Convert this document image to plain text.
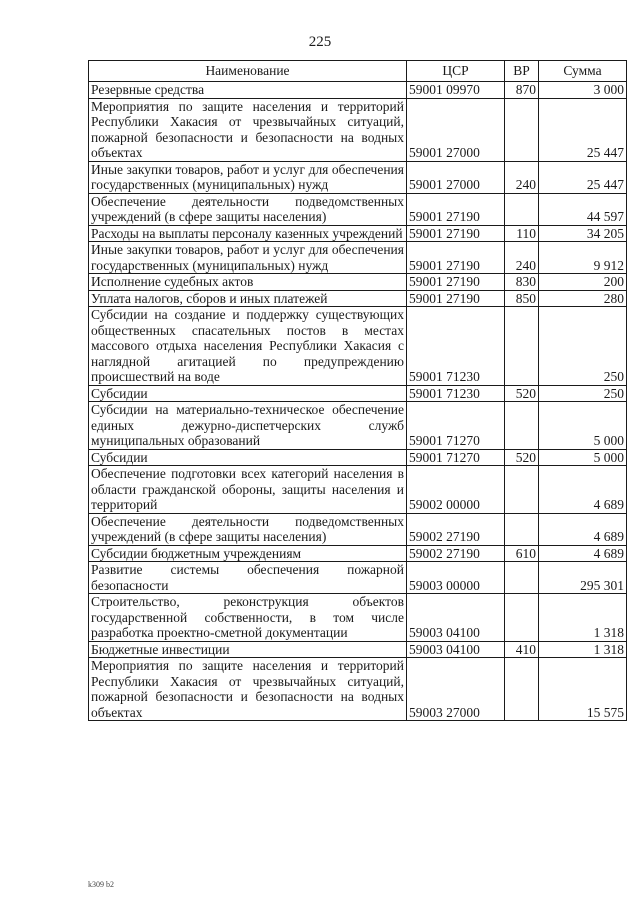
225
Наименование	ЦСР	ВР	Сумма
Резервные средства	59001 09970	870	3 000
Мероприятия по защите населения и территорий Республики Хакасия от чрезвычайных ситуаций, пожарной безопасности и безопасности на водных объектах	59001 27000		25 447
Иные закупки товаров, работ и услуг для обеспечения государственных (муниципальных) нужд	59001 27000	240	25 447
Обеспечение деятельности подведомственных учреждений (в сфере защиты населения)	59001 27190		44 597
Расходы на выплаты персоналу казенных учреждений	59001 27190	110	34 205
Иные закупки товаров, работ и услуг для обеспечения государственных (муниципальных) нужд	59001 27190	240	9 912
Исполнение судебных актов	59001 27190	830	200
Уплата налогов, сборов и иных платежей	59001 27190	850	280
Субсидии на создание и поддержку существующих общественных спасательных постов в местах массового отдыха населения Республики Хакасия с наглядной агитацией по предупреждению происшествий на воде	59001 71230		250
Субсидии	59001 71230	520	250
Субсидии на материально-техническое обеспечение единых дежурно-диспетчерских служб муниципальных образований	59001 71270		5 000
Субсидии	59001 71270	520	5 000
Обеспечение подготовки всех категорий населения в области гражданской обороны, защиты населения и территорий	59002 00000		4 689
Обеспечение деятельности подведомственных учреждений (в сфере защиты населения)	59002 27190		4 689
Субсидии бюджетным учреждениям	59002 27190	610	4 689
Развитие системы обеспечения пожарной безопасности	59003 00000		295 301
Строительство, реконструкция объектов государственной собственности, в том числе разработка проектно-сметной документации	59003 04100		1 318
Бюджетные инвестиции	59003 04100	410	1 318
Мероприятия по защите населения и территорий Республики Хакасия от чрезвычайных ситуаций, пожарной безопасности и безопасности на водных объектах	59003 27000		15 575
k309 b2
